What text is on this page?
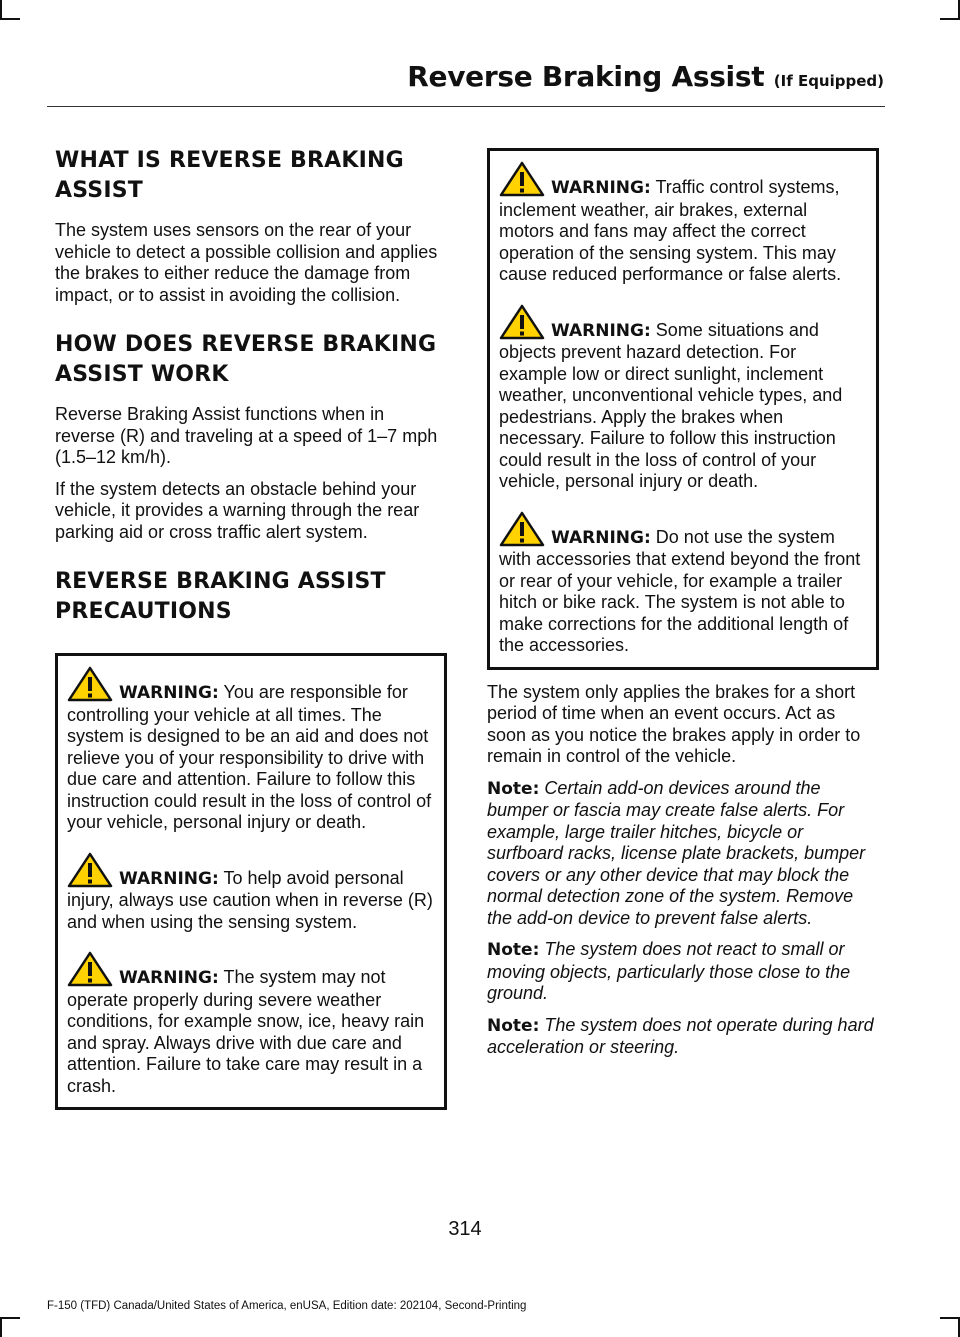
Reverse Braking Assist (If Equipped)
WHAT IS REVERSE BRAKING ASSIST

The system uses sensors on the rear of your vehicle to detect a possible collision and applies the brakes to either reduce the damage from impact, or to assist in avoiding the collision.

HOW DOES REVERSE BRAKING ASSIST WORK

Reverse Braking Assist functions when in reverse (R) and traveling at a speed of 1–7 mph (1.5–12 km/h).

If the system detects an obstacle behind your vehicle, it provides a warning through the rear parking aid or cross traffic alert system.

REVERSE BRAKING ASSIST PRECAUTIONS

WARNING: You are responsible for controlling your vehicle at all times. The system is designed to be an aid and does not relieve you of your responsibility to drive with due care and attention. Failure to follow this instruction could result in the loss of control of your vehicle, personal injury or death.

WARNING: To help avoid personal injury, always use caution when in reverse (R) and when using the sensing system.

WARNING: The system may not operate properly during severe weather conditions, for example snow, ice, heavy rain and spray. Always drive with due care and attention. Failure to take care may result in a crash.

WARNING: Traffic control systems, inclement weather, air brakes, external motors and fans may affect the correct operation of the sensing system. This may cause reduced performance or false alerts.

WARNING: Some situations and objects prevent hazard detection. For example low or direct sunlight, inclement weather, unconventional vehicle types, and pedestrians. Apply the brakes when necessary. Failure to follow this instruction could result in the loss of control of your vehicle, personal injury or death.

WARNING: Do not use the system with accessories that extend beyond the front or rear of your vehicle, for example a trailer hitch or bike rack. The system is not able to make corrections for the additional length of the accessories.

The system only applies the brakes for a short period of time when an event occurs. Act as soon as you notice the brakes apply in order to remain in control of the vehicle.

Note: Certain add-on devices around the bumper or fascia may create false alerts. For example, large trailer hitches, bicycle or surfboard racks, license plate brackets, bumper covers or any other device that may block the normal detection zone of the system. Remove the add-on device to prevent false alerts.

Note: The system does not react to small or moving objects, particularly those close to the ground.

Note: The system does not operate during hard acceleration or steering.

314
F-150 (TFD) Canada/United States of America, enUSA, Edition date: 202104, Second-Printing
